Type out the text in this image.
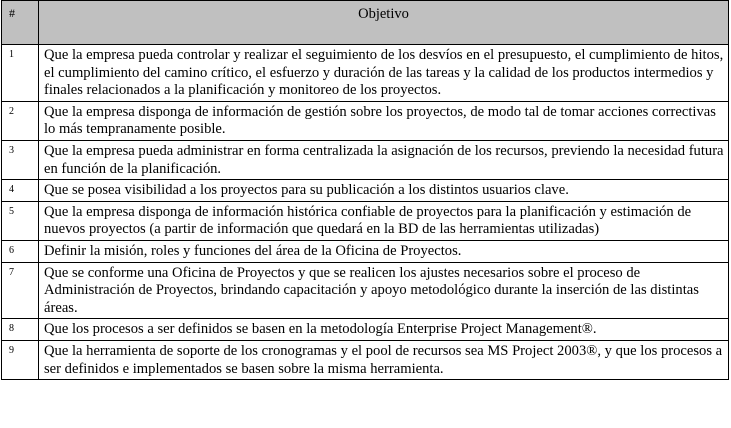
#	Objetivo
1	Que la empresa pueda controlar y realizar el seguimiento de los desvíos en el presupuesto, el cumplimiento de hitos, el cumplimiento del camino crítico, el esfuerzo y duración de las tareas y la calidad de los productos intermedios y finales relacionados a la planificación y monitoreo de los proyectos.
2	Que la empresa disponga de información de gestión sobre los proyectos, de modo tal de tomar acciones correctivas lo más tempranamente posible.
3	Que la empresa pueda administrar en forma centralizada la asignación de los recursos, previendo la necesidad futura en función de la planificación.
4	Que se posea visibilidad a los proyectos para su publicación a los distintos usuarios clave.
5	Que la empresa disponga de información histórica confiable de proyectos para la planificación y estimación de nuevos proyectos (a partir de información que quedará en la BD de las herramientas utilizadas)
6	Definir la misión, roles y funciones del área de la Oficina de Proyectos.
7	Que se conforme una Oficina de Proyectos y que se realicen los ajustes necesarios sobre el proceso de Administración de Proyectos, brindando capacitación y apoyo metodológico durante la inserción de las distintas áreas.
8	Que los procesos a ser definidos se basen en la metodología Enterprise Project Management®.
9	Que la herramienta de soporte de los cronogramas y el pool de recursos sea MS Project 2003®, y que los procesos a ser definidos e implementados se basen sobre la misma herramienta.
